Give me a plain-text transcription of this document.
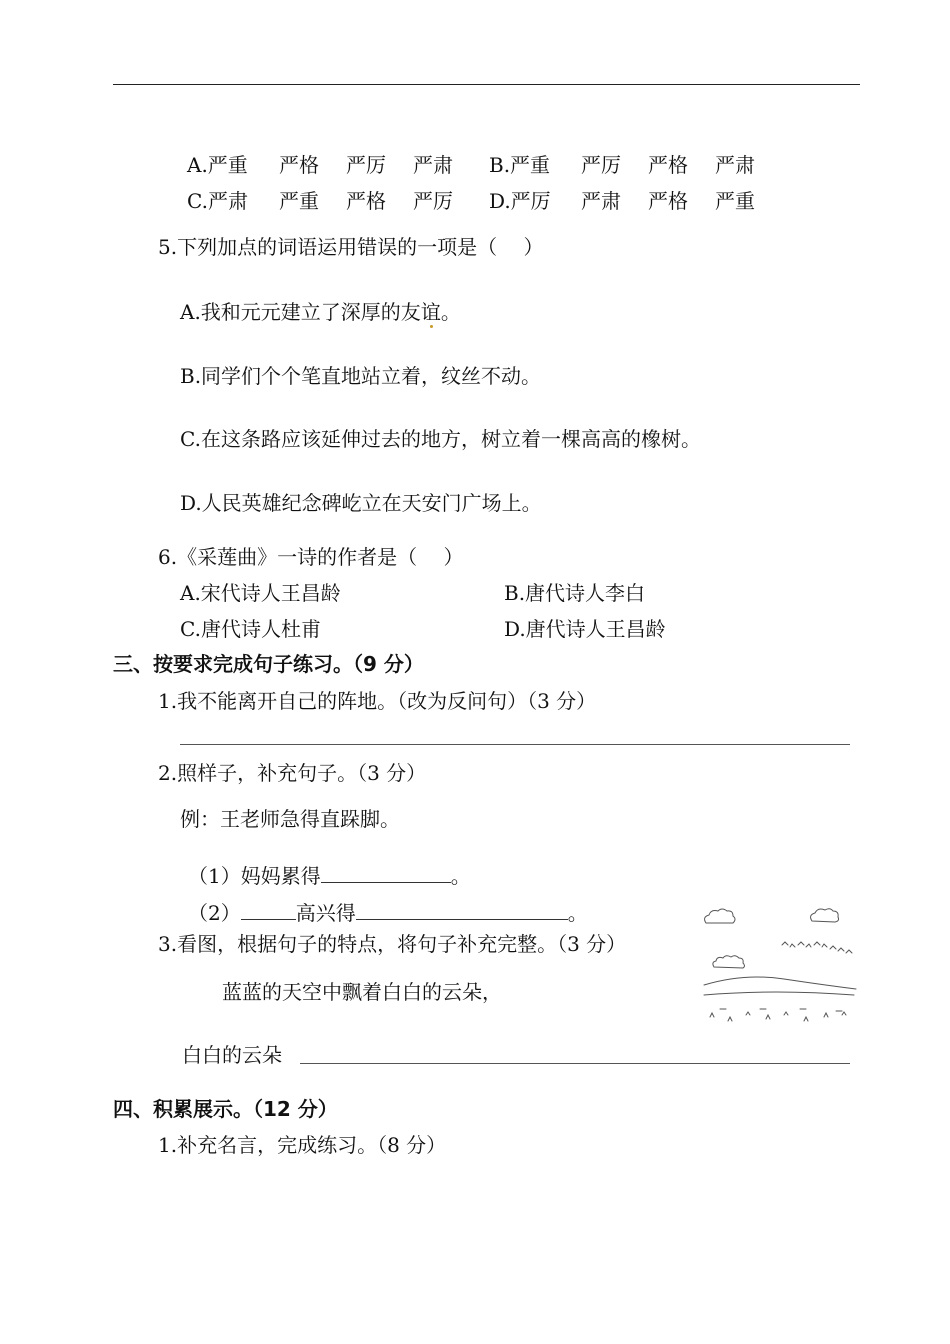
A.严重 严格 严厉 严肃 B.严重 严厉 严格 严肃
C.严肃 严重 严格 严厉 D.严厉 严肃 严格 严重
5.下列加点的词语运用错误的一项是（　 ）
A.我和元元建立了深厚的友谊。
B.同学们个个笔直地站立着，纹丝不动。
C.在这条路应该延伸过去的地方，树立着一棵高高的橡树。
D.人民英雄纪念碑屹立在天安门广场上。
6.《采莲曲》一诗的作者是（　 ）
A.宋代诗人王昌龄	B.唐代诗人李白
C.唐代诗人杜甫	D.唐代诗人王昌龄
三、按要求完成句子练习。（9 分）
1.我不能离开自己的阵地。（改为反问句）（3 分）
2.照样子，补充句子。（3 分）
例：王老师急得直跺脚。
（1）妈妈累得	。
（2）	高兴得	。
3.看图，根据句子的特点，将句子补充完整。（3 分）
蓝蓝的天空中飘着白白的云朵，
白白的云朵
四、积累展示。（12 分）
1.补充名言，完成练习。（8 分）
